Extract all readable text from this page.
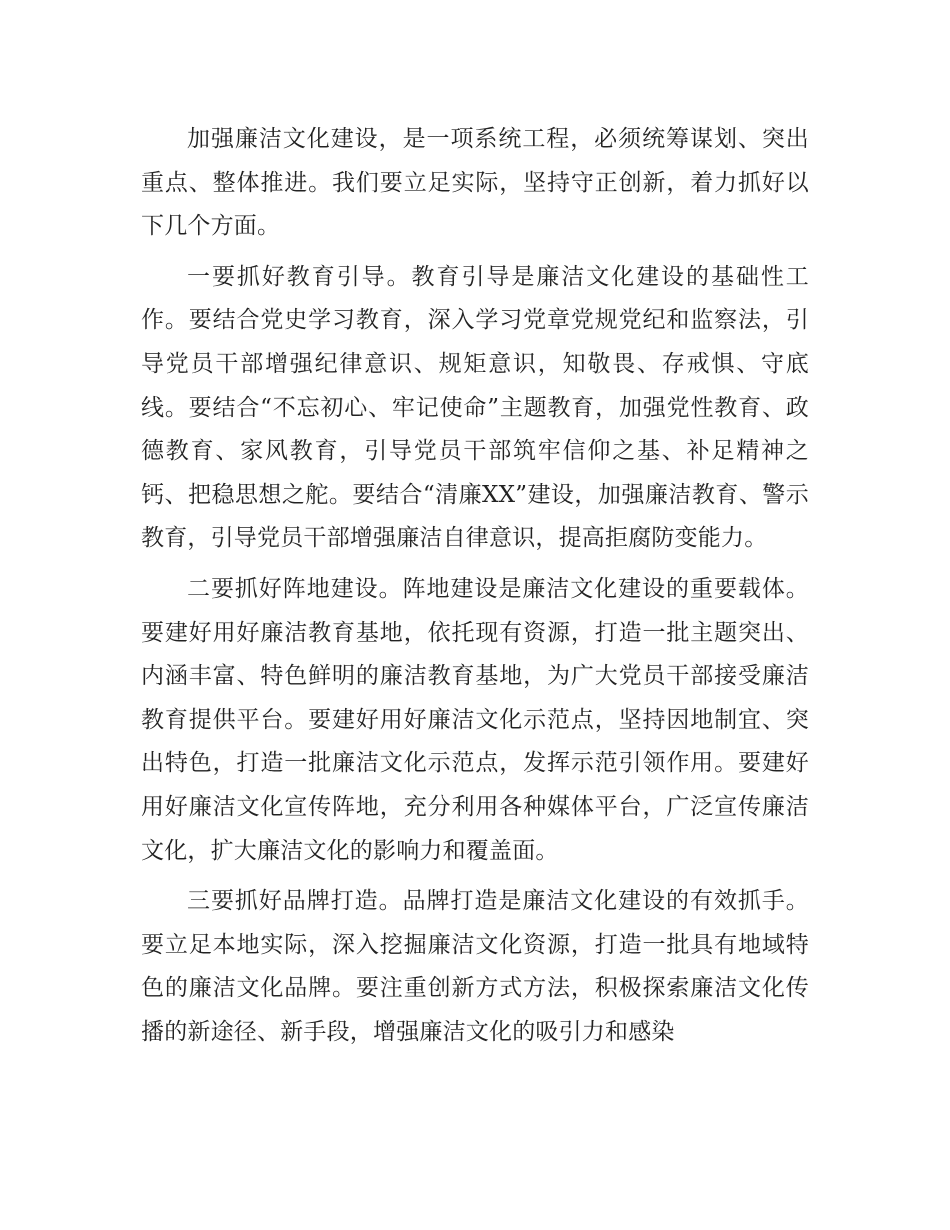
加强廉洁文化建设，是一项系统工程，必须统筹谋划、突出重点、整体推进。我们要立足实际，坚持守正创新，着力抓好以下几个方面。

一要抓好教育引导。教育引导是廉洁文化建设的基础性工作。要结合党史学习教育，深入学习党章党规党纪和监察法，引导党员干部增强纪律意识、规矩意识，知敬畏、存戒惧、守底线。要结合“不忘初心、牢记使命”主题教育，加强党性教育、政德教育、家风教育，引导党员干部筑牢信仰之基、补足精神之钙、把稳思想之舵。要结合“清廉XX”建设，加强廉洁教育、警示教育，引导党员干部增强廉洁自律意识，提高拒腐防变能力。

二要抓好阵地建设。阵地建设是廉洁文化建设的重要载体。要建好用好廉洁教育基地，依托现有资源，打造一批主题突出、内涵丰富、特色鲜明的廉洁教育基地，为广大党员干部接受廉洁教育提供平台。要建好用好廉洁文化示范点，坚持因地制宜、突出特色，打造一批廉洁文化示范点，发挥示范引领作用。要建好用好廉洁文化宣传阵地，充分利用各种媒体平台，广泛宣传廉洁文化，扩大廉洁文化的影响力和覆盖面。

三要抓好品牌打造。品牌打造是廉洁文化建设的有效抓手。要立足本地实际，深入挖掘廉洁文化资源，打造一批具有地域特色的廉洁文化品牌。要注重创新方式方法，积极探索廉洁文化传播的新途径、新手段，增强廉洁文化的吸引力和感染
